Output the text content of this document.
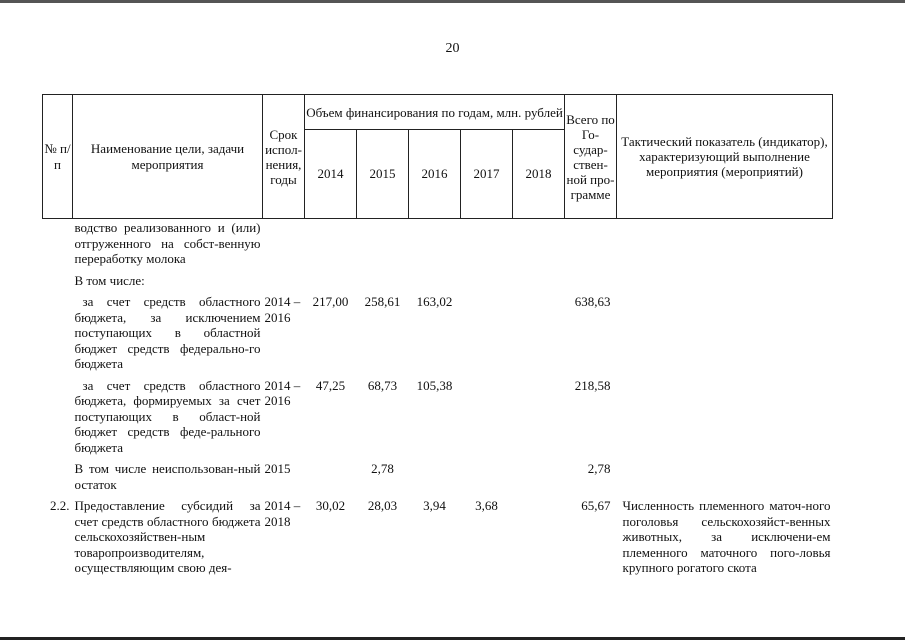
20
№ п/п	Наименование цели, задачи мероприятия	Срок испол-нения, годы	Объем финансирования по годам, млн. рублей					Всего по Го-судар-ствен-ной про-грамме	Тактический показатель (индикатор), характеризующий выполнение мероприятия (мероприятий)
			2014	2015	2016	2017	2018		
	водство реализованного и (или) отгруженного на собст-венную переработку молока								
	В том числе:								
	за счет средств областного бюджета, за исключением поступающих в областной бюджет средств федерально-го бюджета	2014 – 2016	217,00	258,61	163,02			638,63	
	за счет средств областного бюджета, формируемых за счет поступающих в област-ной бюджет средств феде-рального бюджета	2014 – 2016	47,25	68,73	105,38			218,58	
	В том числе неиспользован-ный остаток	2015		2,78				2,78	
2.2.	Предоставление субсидий за счет средств областного бюджета сельскохозяйствен-ным товаропроизводителям, осуществляющим свою дея-	2014 – 2018	30,02	28,03	3,94	3,68		65,67	Численность племенного маточ-ного поголовья сельскохозяйст-венных животных, за исключени-ем племенного маточного пого-ловья крупного рогатого скота
